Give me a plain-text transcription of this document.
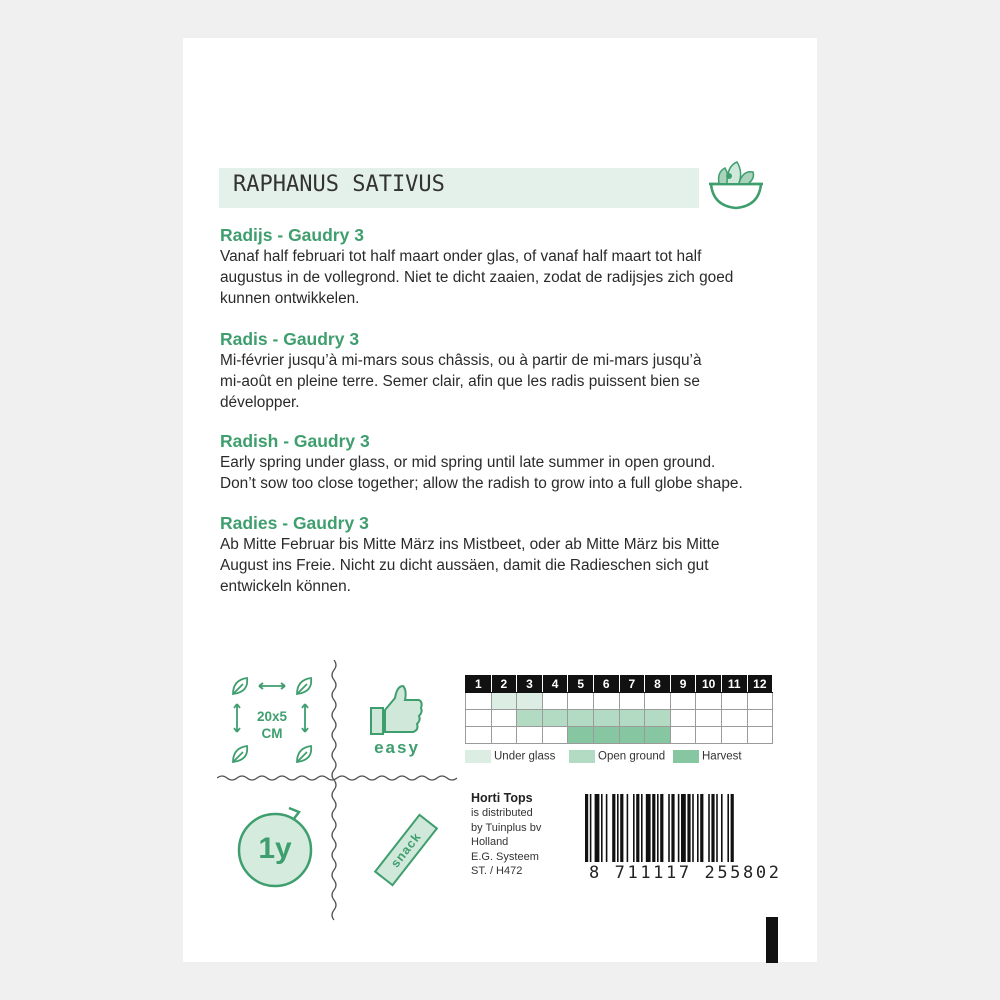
RAPHANUS SATIVUS
Radijs - Gaudry 3

Vanaf half februari tot half maart onder glas, of vanaf half maart tot half
augustus in de vollegrond. Niet te dicht zaaien, zodat de radijsjes zich goed
kunnen ontwikkelen.

Radis - Gaudry 3

Mi-février jusqu’à mi-mars sous châssis, ou à partir de mi-mars jusqu’à
mi-août en pleine terre. Semer clair, afin que les radis puissent bien se
développer.

Radish - Gaudry 3

Early spring under glass, or mid spring until late summer in open ground.
Don’t sow too close together; allow the radish to grow into a full globe shape.

Radies - Gaudry 3

Ab Mitte Februar bis Mitte März ins Mistbeet, oder ab Mitte März bis Mitte
August ins Freie. Nicht zu dicht aussäen, damit die Radieschen sich gut
entwickeln können.

20x5
CM
easy
1y	snack
1	2	3	4	5	6	7	8	9	10	11	12

Under glass	Open ground	Harvest
Horti Tops
is distributed
by Tuinplus bv
Holland
E.G. Systeem
ST. / H472	8 711117 255802
